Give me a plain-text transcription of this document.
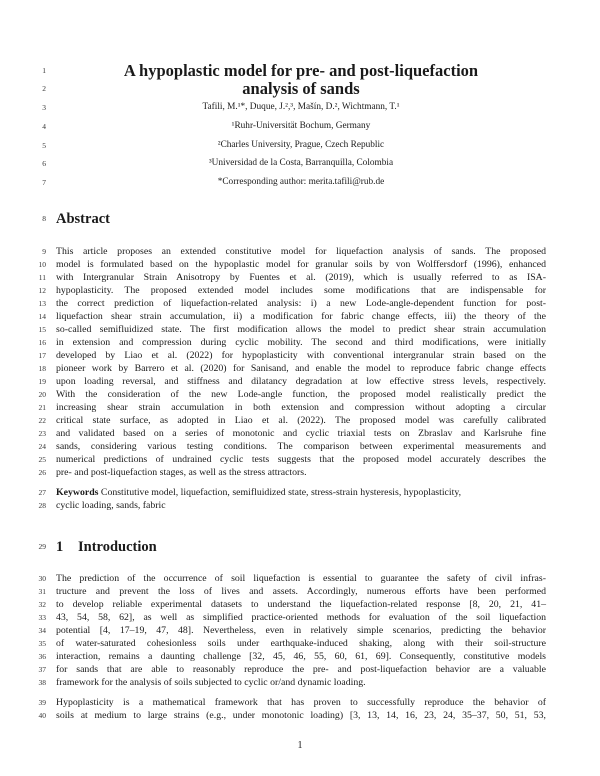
1	A hypoplastic model for pre- and post-liquefaction
2	analysis of sands
3	Tafili, M.¹*, Duque, J.²,³, Mašín, D.², Wichtmann, T.¹
4	¹Ruhr-Universität Bochum, Germany
5	²Charles University, Prague, Czech Republic
6	³Universidad de la Costa, Barranquilla, Colombia
7	*Corresponding author: merita.tafili@rub.de
8 Abstract
9 This article proposes an extended constitutive model for liquefaction analysis of sands. The proposed
10 model is formulated based on the hypoplastic model for granular soils by von Wolffersdorf (1996), enhanced
11 with Intergranular Strain Anisotropy by Fuentes et al. (2019), which is usually referred to as ISA-
12 hypoplasticity. The proposed extended model includes some modifications that are indispensable for
13 the correct prediction of liquefaction-related analysis: i) a new Lode-angle-dependent function for post-
14 liquefaction shear strain accumulation, ii) a modification for fabric change effects, iii) the theory of the
15 so-called semifluidized state. The first modification allows the model to predict shear strain accumulation
16 in extension and compression during cyclic mobility. The second and third modifications, were initially
17 developed by Liao et al. (2022) for hypoplasticity with conventional intergranular strain based on the
18 pioneer work by Barrero et al. (2020) for Sanisand, and enable the model to reproduce fabric change effects
19 upon loading reversal, and stiffness and dilatancy degradation at low effective stress levels, respectively.
20 With the consideration of the new Lode-angle function, the proposed model realistically predict the
21 increasing shear strain accumulation in both extension and compression without adopting a circular
22 critical state surface, as adopted in Liao et al. (2022). The proposed model was carefully calibrated
23 and validated based on a series of monotonic and cyclic triaxial tests on Zbraslav and Karlsruhe fine
24 sands, considering various testing conditions. The comparison between experimental measurements and
25 numerical predictions of undrained cyclic tests suggests that the proposed model accurately describes the
26 pre- and post-liquefaction stages, as well as the stress attractors.
27 Keywords Constitutive model, liquefaction, semifluidized state, stress-strain hysteresis, hypoplasticity,
28 cyclic loading, sands, fabric
29 1 Introduction
30 The prediction of the occurrence of soil liquefaction is essential to guarantee the safety of civil infras-
31 tructure and prevent the loss of lives and assets. Accordingly, numerous efforts have been performed
32 to develop reliable experimental datasets to understand the liquefaction-related response [8, 20, 21, 41–
33 43, 54, 58, 62], as well as simplified practice-oriented methods for evaluation of the soil liquefaction
34 potential [4, 17–19, 47, 48]. Nevertheless, even in relatively simple scenarios, predicting the behavior
35 of water-saturated cohesionless soils under earthquake-induced shaking, along with their soil-structure
36 interaction, remains a daunting challenge [32, 45, 46, 55, 60, 61, 69]. Consequently, constitutive models
37 for sands that are able to reasonably reproduce the pre- and post-liquefaction behavior are a valuable
38 framework for the analysis of soils subjected to cyclic or/and dynamic loading.
39 Hypoplasticity is a mathematical framework that has proven to successfully reproduce the behavior of
40 soils at medium to large strains (e.g., under monotonic loading) [3, 13, 14, 16, 23, 24, 35–37, 50, 51, 53,
1
